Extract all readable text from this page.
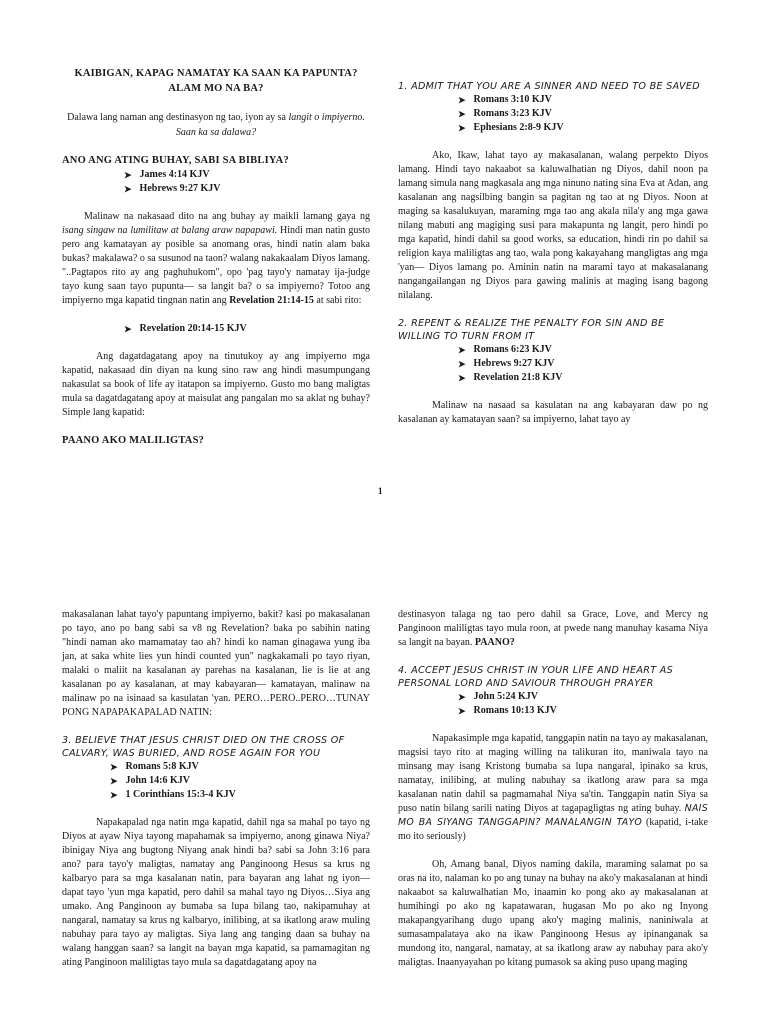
KAIBIGAN, KAPAG NAMATAY KA SAAN KA PAPUNTA? ALAM MO NA BA?
Dalawa lang naman ang destinasyon ng tao, iyon ay sa langit o impiyerno. Saan ka sa dalawa?
ANO ANG ATING BUHAY, SABI SA BIBLIYA?
➤ James 4:14 KJV
➤ Hebrews 9:27 KJV
Malinaw na nakasaad dito na ang buhay ay maikli lamang gaya ng isang singaw na lumilitaw at balang araw napapawi. Hindi man natin gusto pero ang kamatayan ay posible sa anomang oras, hindi natin alam baka bukas? makalawa? o sa susunod na taon? walang nakakaalam Diyos lamang. "..Pagtapos rito ay ang paghuhukom", opo 'pag tayo'y namatay ija-judge tayo kung saan tayo pupunta— sa langit ba? o sa impiyerno? Totoo ang impiyerno mga kapatid tingnan natin ang Revelation 21:14-15 at sabi rito:
➤ Revelation 20:14-15 KJV
Ang dagatdagatang apoy na tinutukoy ay ang impiyerno mga kapatid, nakasaad din diyan na kung sino raw ang hindi masumpungang nakasulat sa book of life ay itatapon sa impiyerno. Gusto mo bang maligtas mula sa dagatdagatang apoy at maisulat ang pangalan mo sa aklat ng buhay? Simple lang kapatid:
PAANO AKO MALILIGTAS?
1. ADMIT THAT YOU ARE A SINNER AND NEED TO BE SAVED
➤ Romans 3:10 KJV
➤ Romans 3:23 KJV
➤ Ephesians 2:8-9 KJV
Ako, Ikaw, lahat tayo ay makasalanan, walang perpekto Diyos lamang. Hindi tayo nakaabot sa kaluwalhatian ng Diyos, dahil noon pa lamang simula nang magkasala ang mga ninuno nating sina Eva at Adan, ang kasalanan ang nagsilbing bangin sa pagitan ng tao at ng Diyos. Noon at maging sa kasalukuyan, maraming mga tao ang akala nila'y ang mga gawa nilang mabuti ang magiging susi para makapunta ng langit, pero hindi po mga kapatid, hindi dahil sa good works, sa education, hindi rin po dahil sa religion kaya maliligtas ang tao, wala pong kakayahang mangligtas ang mga 'yan— Diyos lamang po. Aminin natin na marami tayo at makasalanang nangangailangan ng Diyos para gawing malinis at maging isang bagong nilalang.
2. REPENT & REALIZE THE PENALTY FOR SIN AND BE WILLING TO TURN FROM IT
➤ Romans 6:23 KJV
➤ Hebrews 9:27 KJV
➤ Revelation 21:8 KJV
Malinaw na nasaad sa kasulatan na ang kabayaran daw po ng kasalanan ay kamatayan saan? sa impiyerno, lahat tayo ay
1
makasalanan lahat tayo'y papuntang impiyerno, bakit? kasi po makasalanan po tayo, ano po bang sabi sa v8 ng Revelation? baka po sabihin nating "hindi naman ako mamamatay tao ah? hindi ko naman ginagawa yung iba jan, at saka white lies yun hindi counted yun" nagkakamali po tayo riyan, malaki o maliit na kasalanan ay parehas na kasalanan, lie is lie at ang kasalanan po ay kasalanan, at may kabayaran— kamatayan, malinaw na malinaw po na isinaad sa kasulatan 'yan. PERO…PERO..PERO…TUNAY PONG NAPAPAKAPALAD NATIN:
3. BELIEVE THAT JESUS CHRIST DIED ON THE CROSS OF CALVARY, WAS BURIED, AND ROSE AGAIN FOR YOU
➤ Romans 5:8 KJV
➤ John 14:6 KJV
➤ 1 Corinthians 15:3-4 KJV
Napakapalad nga natin mga kapatid, dahil nga sa mahal po tayo ng Diyos at ayaw Niya tayong mapahamak sa impiyerno, anong ginawa Niya? ibinigay Niya ang bugtong Niyang anak hindi ba? sabi sa John 3:16 para ano? para tayo'y maligtas, namatay ang Panginoong Hesus sa krus ng kalbaryo para sa mga kasalanan natin, para bayaran ang lahat ng iyon— dapat tayo 'yun mga kapatid, pero dahil sa mahal tayo ng Diyos…Siya ang umako. Ang Panginoon ay bumaba sa lupa bilang tao, nakipamuhay at nangaral, namatay sa krus ng kalbaryo, inilibing, at sa ikatlong araw muling nabuhay para tayo ay maligtas. Siya lang ang tanging daan sa buhay na walang hanggan saan? sa langit na bayan mga kapatid, sa pamamagitan ng ating Panginoon maliligtas tayo mula sa dagatdagatang apoy na
destinasyon talaga ng tao pero dahil sa Grace, Love, and Mercy ng Panginoon maliligtas tayo mula roon, at pwede nang manuhay kasama Niya sa langit na bayan. PAANO?
4. ACCEPT JESUS CHRIST IN YOUR LIFE AND HEART AS PERSONAL LORD AND SAVIOUR THROUGH PRAYER
➤ John 5:24 KJV
➤ Romans 10:13 KJV
Napakasimple mga kapatid, tanggapin natin na tayo ay makasalanan, magsisi tayo rito at maging willing na talikuran ito, maniwala tayo na minsang may isang Kristong bumaba sa lupa nangaral, ipinako sa krus, namatay, inilibing, at muling nabuhay sa ikatlong araw para sa mga kasalanan natin dahil sa pagmamahal Niya sa'tin. Tanggapin natin Siya sa puso natin bilang sarili nating Diyos at tagapagligtas ng ating buhay. NAIS MO BA SIYANG TANGGAPIN? MANALANGIN TAYO (kapatid, i-take mo ito seriously)
Oh, Amang banal, Diyos naming dakila, maraming salamat po sa oras na ito, nalaman ko po ang tunay na buhay na ako'y makasalanan at hindi nakaabot sa kaluwalhatian Mo, inaamin ko pong ako ay makasalanan at humihingi po ako ng kapatawaran, hugasan Mo po ako ng Inyong makapangyarihang dugo upang ako'y maging malinis, naniniwala at sumasampalataya ako na ikaw Panginoong Hesus ay ipinanganak sa mundong ito, nangaral, namatay, at sa ikatlong araw ay nabuhay para ako'y maligtas. Inaanyayahan po kitang pumasok sa aking puso upang maging
